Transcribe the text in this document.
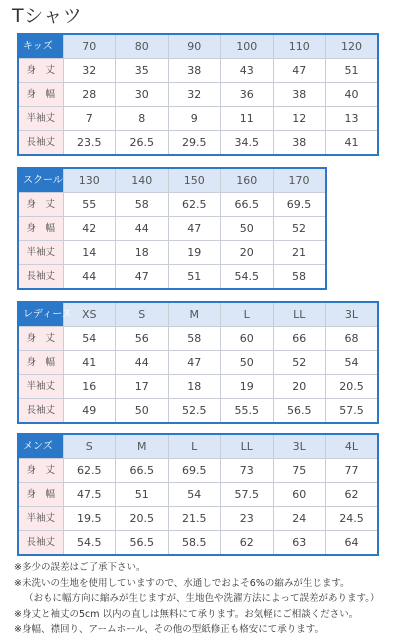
Tシャツ
キッズ	70	80	90	100	110	120
身　丈	32	35	38	43	47	51
身　幅	28	30	32	36	38	40
半袖丈	7	8	9	11	12	13
長袖丈	23.5	26.5	29.5	34.5	38	41
スクール	130	140	150	160	170
身　丈	55	58	62.5	66.5	69.5
身　幅	42	44	47	50	52
半袖丈	14	18	19	20	21
長袖丈	44	47	51	54.5	58
レディース	XS	S	M	L	LL	3L
身　丈	54	56	58	60	66	68
身　幅	41	44	47	50	52	54
半袖丈	16	17	18	19	20	20.5
長袖丈	49	50	52.5	55.5	56.5	57.5
メンズ	S	M	L	LL	3L	4L
身　丈	62.5	66.5	69.5	73	75	77
身　幅	47.5	51	54	57.5	60	62
半袖丈	19.5	20.5	21.5	23	24	24.5
長袖丈	54.5	56.5	58.5	62	63	64
※多少の誤差はご了承下さい。
※未洗いの生地を使用していますので、水通しでおよそ6%の縮みが生じます。
（おもに幅方向に縮みが生じますが、生地色や洗濯方法によって誤差があります。）
※身丈と袖丈の5cm 以内の直しは無料にて承ります。お気軽にご相談ください。
※身幅、襟回り、アームホール、その他の型紙修正も格安にて承ります。
